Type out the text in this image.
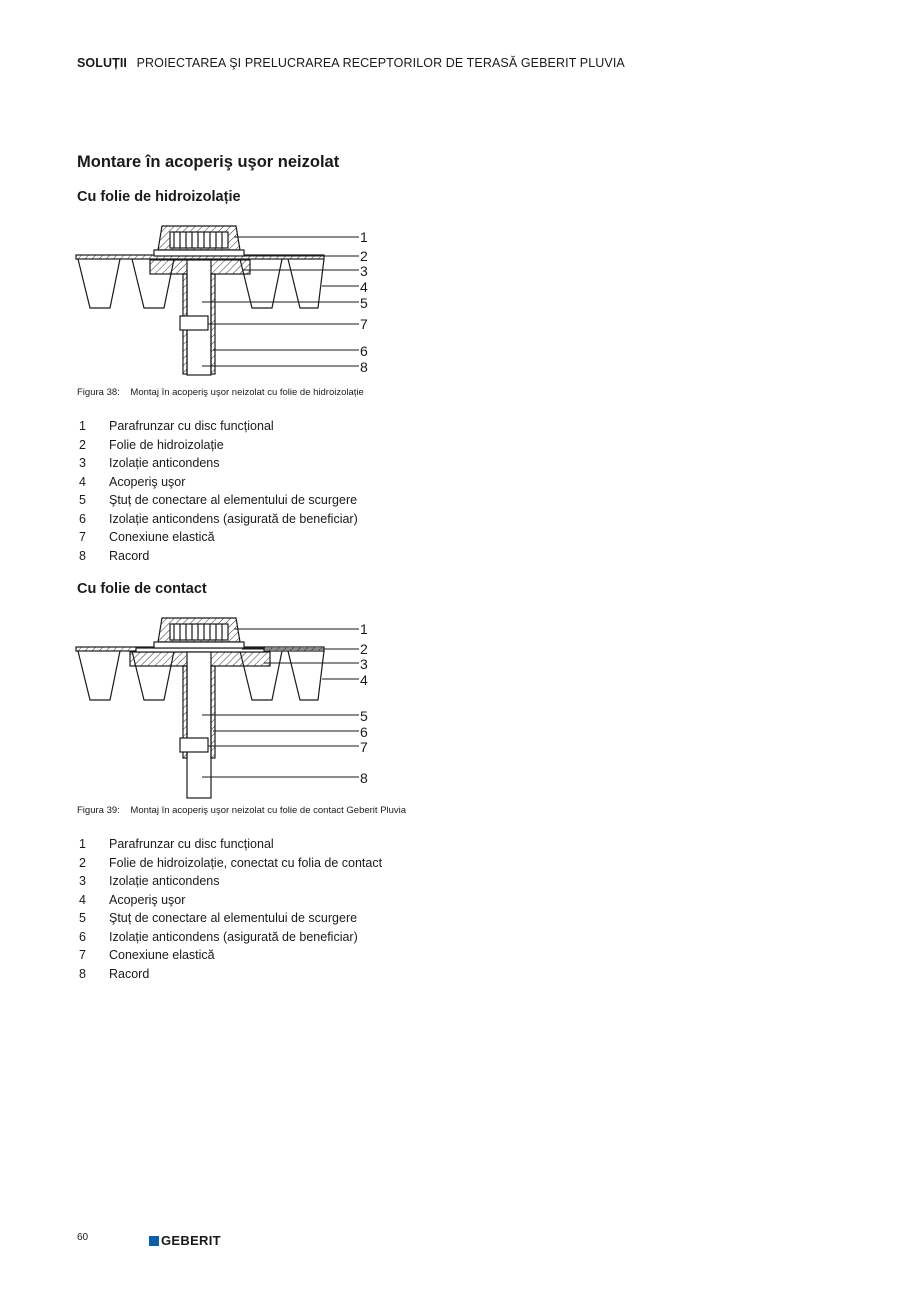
SOLUȚII PROIECTAREA ŞI PRELUCRAREA RECEPTORILOR DE TERASĂ GEBERIT PLUVIA
Montare în acoperiş uşor neizolat
Cu folie de hidroizolație
1
2
3
4
5
7
6
8
Figura 38: Montaj în acoperiş uşor neizolat cu folie de hidroizolație
1	Parafrunzar cu disc funcțional
2	Folie de hidroizolație
3	Izolație anticondens
4	Acoperiş uşor
5	Ştuț de conectare al elementului de scurgere
6	Izolație anticondens (asigurată de beneficiar)
7	Conexiune elastică
8	Racord
Cu folie de contact
1
2
3
4
5
6
7
8
Figura 39: Montaj în acoperiş uşor neizolat cu folie de contact Geberit Pluvia
1	Parafrunzar cu disc funcțional
2	Folie de hidroizolație, conectat cu folia de contact
3	Izolație anticondens
4	Acoperiş uşor
5	Ştuț de conectare al elementului de scurgere
6	Izolație anticondens (asigurată de beneficiar)
7	Conexiune elastică
8	Racord
60	GEBERIT
